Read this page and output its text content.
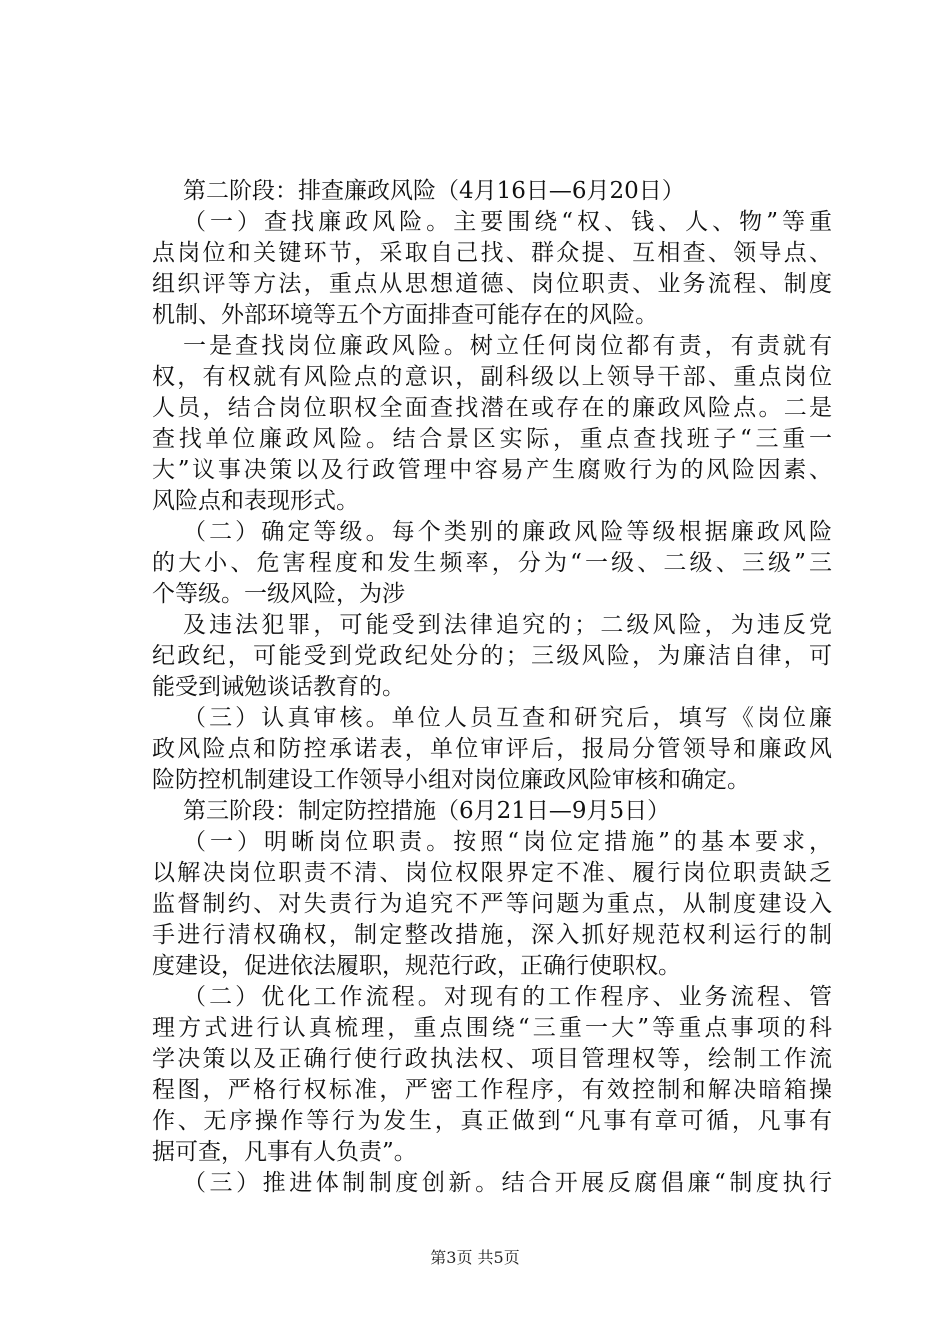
第二阶段：排查廉政风险（4月16日—6月20日）
（一）查找廉政风险。主要围绕“权、钱、人、物”等重
点岗位和关键环节，采取自己找、群众提、互相查、领导点、
组织评等方法，重点从思想道德、岗位职责、业务流程、制度
机制、外部环境等五个方面排查可能存在的风险。
一是查找岗位廉政风险。树立任何岗位都有责，有责就有
权，有权就有风险点的意识，副科级以上领导干部、重点岗位
人员，结合岗位职权全面查找潜在或存在的廉政风险点。二是
查找单位廉政风险。结合景区实际，重点查找班子“三重一
大”议事决策以及行政管理中容易产生腐败行为的风险因素、
风险点和表现形式。
（二）确定等级。每个类别的廉政风险等级根据廉政风险
的大小、危害程度和发生频率，分为“一级、二级、三级”三
个等级。一级风险，为涉
及违法犯罪，可能受到法律追究的；二级风险，为违反党
纪政纪，可能受到党政纪处分的；三级风险，为廉洁自律，可
能受到诫勉谈话教育的。
（三）认真审核。单位人员互查和研究后，填写《岗位廉
政风险点和防控承诺表，单位审评后，报局分管领导和廉政风
险防控机制建设工作领导小组对岗位廉政风险审核和确定。
第三阶段：制定防控措施（6月21日—9月5日）
（一）明晰岗位职责。按照“岗位定措施”的基本要求，
以解决岗位职责不清、岗位权限界定不准、履行岗位职责缺乏
监督制约、对失责行为追究不严等问题为重点，从制度建设入
手进行清权确权，制定整改措施，深入抓好规范权利运行的制
度建设，促进依法履职，规范行政，正确行使职权。
（二）优化工作流程。对现有的工作程序、业务流程、管
理方式进行认真梳理，重点围绕“三重一大”等重点事项的科
学决策以及正确行使行政执法权、项目管理权等，绘制工作流
程图，严格行权标准，严密工作程序，有效控制和解决暗箱操
作、无序操作等行为发生，真正做到“凡事有章可循，凡事有
据可查，凡事有人负责”。
（三）推进体制制度创新。结合开展反腐倡廉“制度执行
第3页 共5页
